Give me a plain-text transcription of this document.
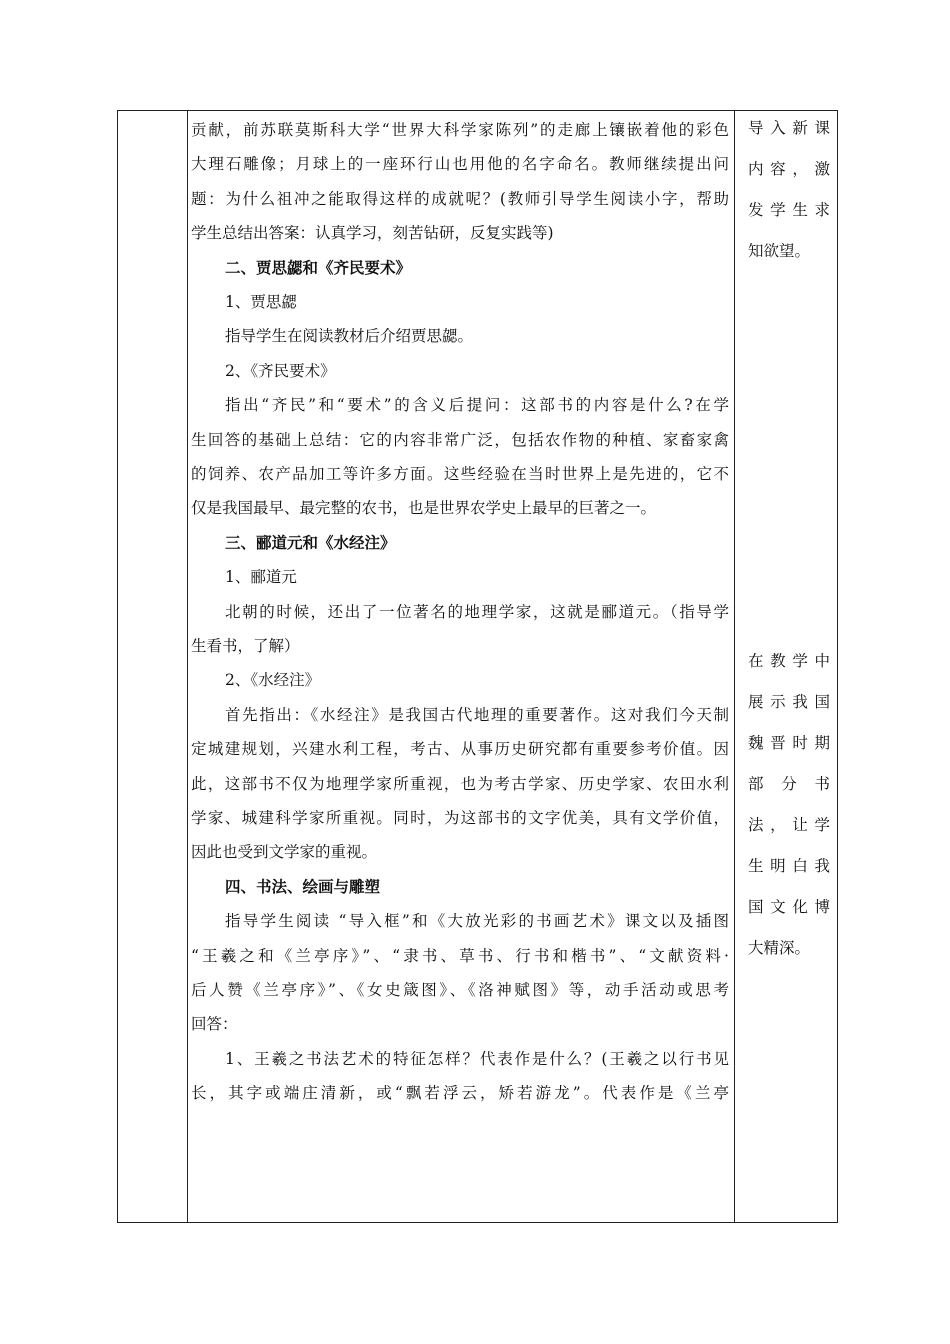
贡献，前苏联莫斯科大学“世界大科学家陈列”的走廊上镶嵌着他的彩色
大理石雕像；月球上的一座环行山也用他的名字命名。教师继续提出问
题：为什么祖冲之能取得这样的成就呢？(教师引导学生阅读小字，帮助
学生总结出答案：认真学习，刻苦钻研，反复实践等)
二、贾思勰和《齐民要术》
1、贾思勰
指导学生在阅读教材后介绍贾思勰。
2、《齐民要术》
指出“齐民”和“要术”的含义后提问：这部书的内容是什么?在学
生回答的基础上总结：它的内容非常广泛，包括农作物的种植、家畜家禽
的饲养、农产品加工等许多方面。这些经验在当时世界上是先进的，它不
仅是我国最早、最完整的农书，也是世界农学史上最早的巨著之一。
三、郦道元和《水经注》
1、郦道元
北朝的时候，还出了一位著名的地理学家，这就是郦道元。（指导学
生看书，了解）
2、《水经注》
首先指出：《水经注》是我国古代地理的重要著作。这对我们今天制
定城建规划，兴建水利工程，考古、从事历史研究都有重要参考价值。因
此，这部书不仅为地理学家所重视，也为考古学家、历史学家、农田水利
学家、城建科学家所重视。同时，为这部书的文字优美，具有文学价值，
因此也受到文学家的重视。
四、书法、绘画与雕塑
指导学生阅读 “导入框”和《大放光彩的书画艺术》课文以及插图
“王羲之和《兰亭序》”、“隶书、草书、行书和楷书”、“文献资料·
后人赞《兰亭序》”、《女史箴图》、《洛神赋图》等，动手活动或思考
回答：
1、王羲之书法艺术的特征怎样？代表作是什么？(王羲之以行书见
长，其字或端庄清新，或“飘若浮云，矫若游龙”。代表作是《兰亭
导入新课
内容，激
发学生求
知欲望。
在教学中
展示我国
魏晋时期
部分书
法，让学
生明白我
国文化博
大精深。
